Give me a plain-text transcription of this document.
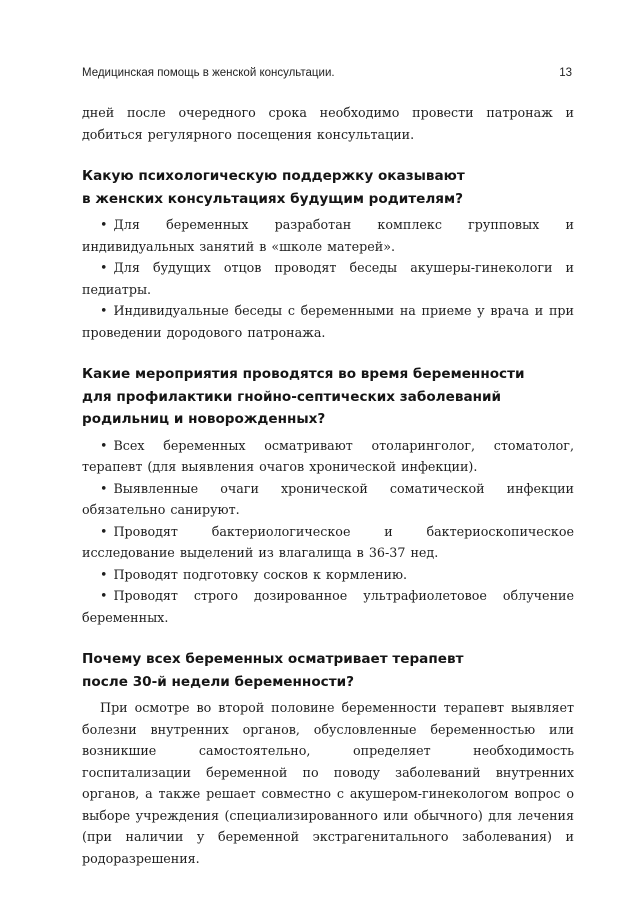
Медицинская помощь в женской консультации.	13

дней после очередного срока необходимо провести патронаж и добиться регулярного посещения консультации.

Какую психологическую поддержку оказывают
в женских консультациях будущим родителям?

• Для беременных разработан комплекс групповых и индивидуальных занятий в «школе матерей».

• Для будущих отцов проводят беседы акушеры-гинекологи и педиатры.

• Индивидуальные беседы с беременными на приеме у врача и при проведении дородового патронажа.

Какие мероприятия проводятся во время беременности
для профилактики гнойно-септических заболеваний
родильниц и новорожденных?

• Всех беременных осматривают отоларинголог, стоматолог, терапевт (для выявления очагов хронической инфекции).

• Выявленные очаги хронической соматической инфекции обязательно санируют.

• Проводят бактериологическое и бактериоскопическое исследование выделений из влагалища в 36-37 нед.

• Проводят подготовку сосков к кормлению.

• Проводят строго дозированное ультрафиолетовое облучение беременных.

Почему всех беременных осматривает терапевт
после 30-й недели беременности?

При осмотре во второй половине беременности терапевт выявляет болезни внутренних органов, обусловленные беременностью или возникшие самостоятельно, определяет необходимость госпитализации беременной по поводу заболеваний внутренних органов, а также решает совместно с акушером-гинекологом вопрос о выборе учреждения (специализированного или обычного) для лечения (при наличии у беременной экстрагенитального заболевания) и родоразрешения.
